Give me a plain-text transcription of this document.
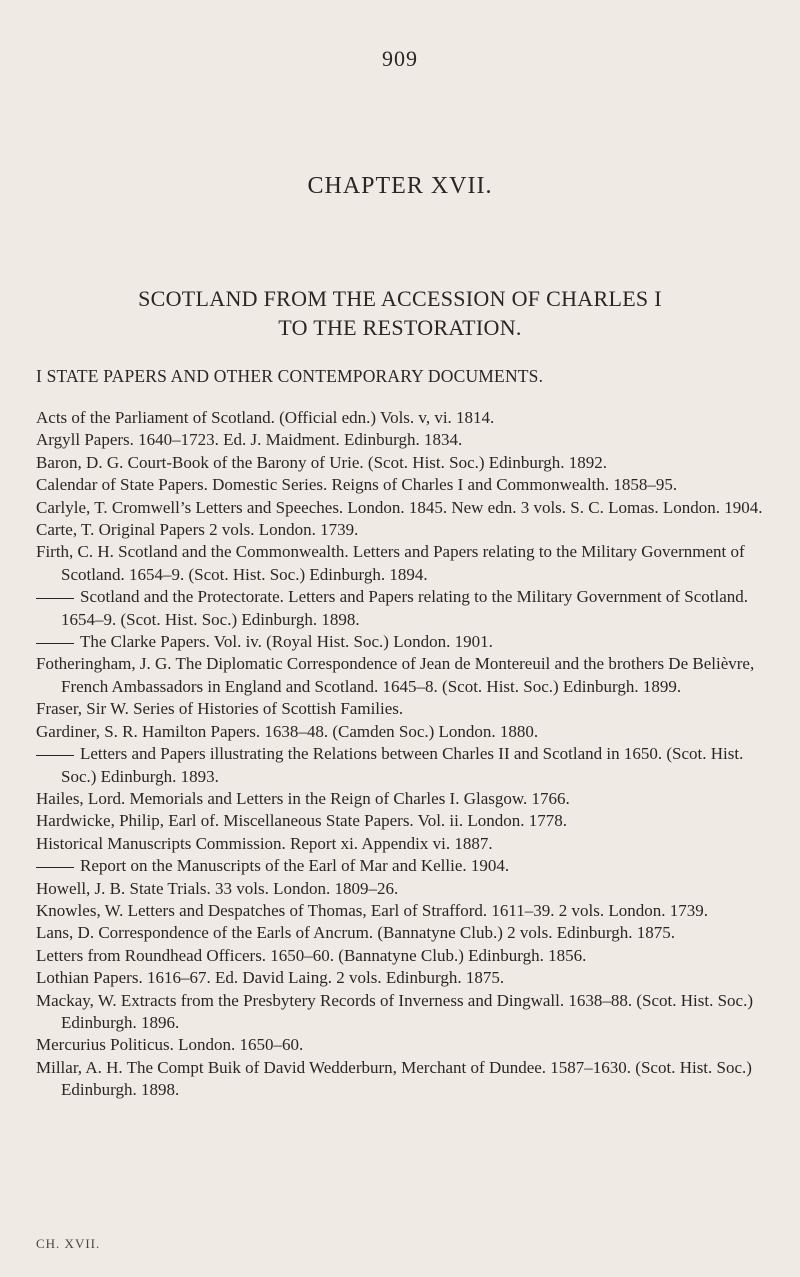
909
CHAPTER XVII.
SCOTLAND FROM THE ACCESSION OF CHARLES I
TO THE RESTORATION.
I STATE PAPERS AND OTHER CONTEMPORARY DOCUMENTS.

Acts of the Parliament of Scotland. (Official edn.) Vols. v, vi. 1814.

Argyll Papers. 1640–1723. Ed. J. Maidment. Edinburgh. 1834.

Baron, D. G. Court-Book of the Barony of Urie. (Scot. Hist. Soc.) Edinburgh. 1892.

Calendar of State Papers. Domestic Series. Reigns of Charles I and Commonwealth. 1858–95.

Carlyle, T. Cromwell’s Letters and Speeches. London. 1845. New edn. 3 vols. S. C. Lomas. London. 1904.

Carte, T. Original Papers 2 vols. London. 1739.

Firth, C. H. Scotland and the Commonwealth. Letters and Papers relating to the Military Government of Scotland. 1654–9. (Scot. Hist. Soc.) Edinburgh. 1894.

Scotland and the Protectorate. Letters and Papers relating to the Military Government of Scotland. 1654–9. (Scot. Hist. Soc.) Edinburgh. 1898.

The Clarke Papers. Vol. iv. (Royal Hist. Soc.) London. 1901.

Fotheringham, J. G. The Diplomatic Correspondence of Jean de Montereuil and the brothers De Belièvre, French Ambassadors in England and Scotland. 1645–8. (Scot. Hist. Soc.) Edinburgh. 1899.

Fraser, Sir W. Series of Histories of Scottish Families.

Gardiner, S. R. Hamilton Papers. 1638–48. (Camden Soc.) London. 1880.

Letters and Papers illustrating the Relations between Charles II and Scotland in 1650. (Scot. Hist. Soc.) Edinburgh. 1893.

Hailes, Lord. Memorials and Letters in the Reign of Charles I. Glasgow. 1766.

Hardwicke, Philip, Earl of. Miscellaneous State Papers. Vol. ii. London. 1778.

Historical Manuscripts Commission. Report xi. Appendix vi. 1887.

Report on the Manuscripts of the Earl of Mar and Kellie. 1904.

Howell, J. B. State Trials. 33 vols. London. 1809–26.

Knowles, W. Letters and Despatches of Thomas, Earl of Strafford. 1611–39. 2 vols. London. 1739.

Lans, D. Correspondence of the Earls of Ancrum. (Bannatyne Club.) 2 vols. Edinburgh. 1875.

Letters from Roundhead Officers. 1650–60. (Bannatyne Club.) Edinburgh. 1856.

Lothian Papers. 1616–67. Ed. David Laing. 2 vols. Edinburgh. 1875.

Mackay, W. Extracts from the Presbytery Records of Inverness and Dingwall. 1638–88. (Scot. Hist. Soc.) Edinburgh. 1896.

Mercurius Politicus. London. 1650–60.

Millar, A. H. The Compt Buik of David Wedderburn, Merchant of Dundee. 1587–1630. (Scot. Hist. Soc.) Edinburgh. 1898.

CH. XVII.
